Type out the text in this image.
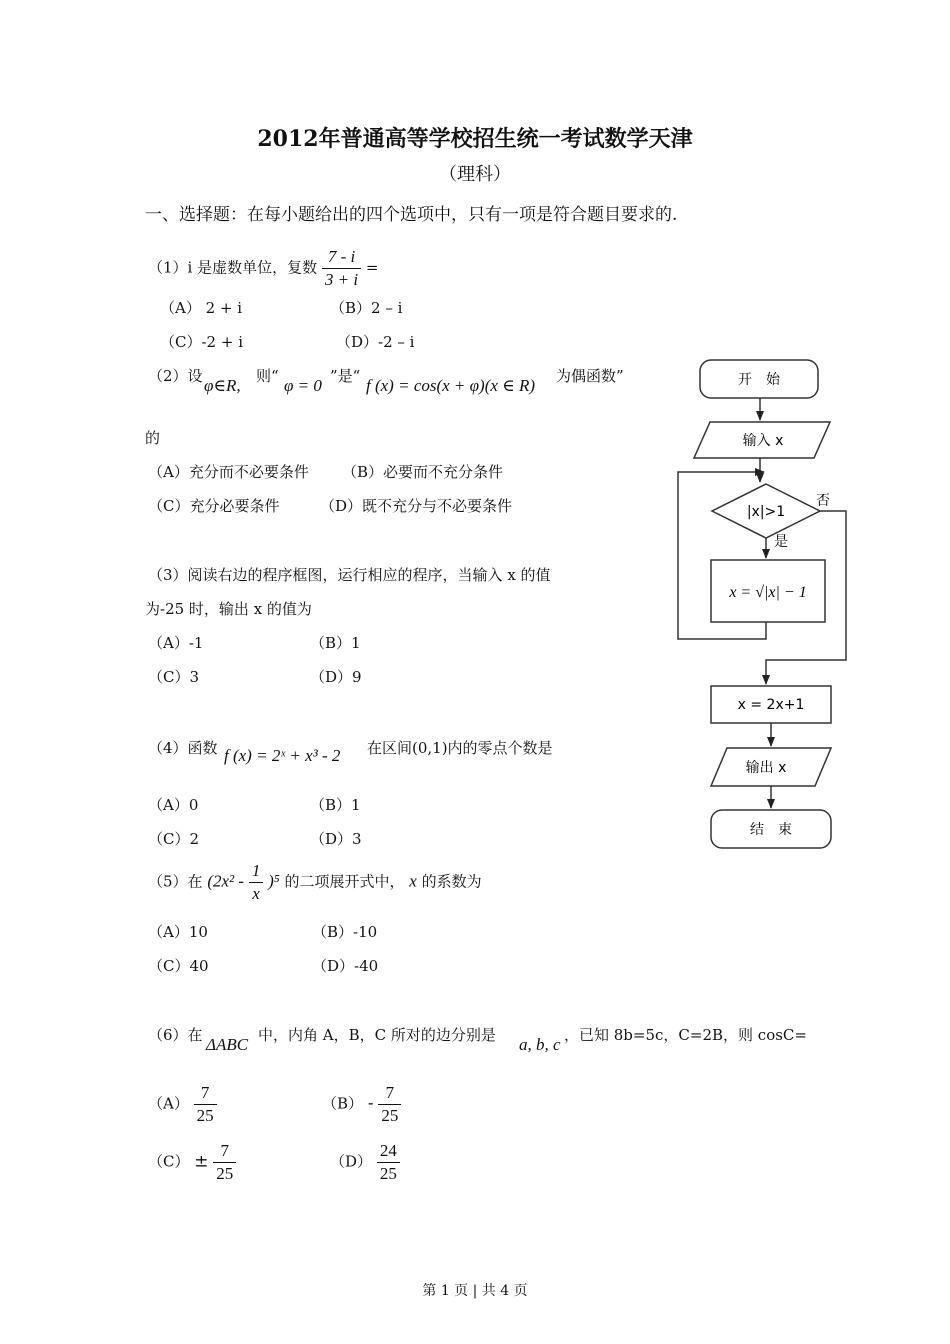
2012年普通高等学校招生统一考试数学天津
（理科）
一、选择题：在每小题给出的四个选项中，只有一项是符合题目要求的.
（1）i 是虚数单位，复数 $\frac{7 - i}{3 + i}$ =
（A） 2 + i	（B）2 – i
（C）-2 + i	（D）-2 – i
（2）设 φ∈R, 则“ φ = 0 ”是“ f (x) = cos(x + φ)(x ∈ R) 为偶函数”
的
（A）充分而不必要条件 （B）必要而不充分条件
（C）充分必要条件	（D）既不充分与不必要条件
（3）阅读右边的程序框图，运行相应的程序，当输入 x 的值
为-25 时，输出 x 的值为
（A）-1	（B）1
（C）3	（D）9
（4）函数 f (x) = 2ˣ + x³ - 2 在区间(0,1)内的零点个数是
（A）0	（B）1
（C）2	（D）3
（5）在 $(2x^2 - \frac{1}{x} )^5$ 的二项展开式中， x 的系数为
（A）10	（B）-10
（C）40	（D）-40
（6）在 ΔABC 中，内角 A，B，C 所对的边分别是 a, b, c ，已知 8b=5c，C=2B，则 cosC=
$(A) \frac{7}{25}$	$(B) - \frac{7}{25}$
$(C) \pm \frac{7}{25}$	$(D) \frac{24}{25}$
开　始
输入 x
|x|>1
否
是
x = √|x| − 1
x = 2x+1
输出 x
结　束
第 1 页 | 共 4 页
